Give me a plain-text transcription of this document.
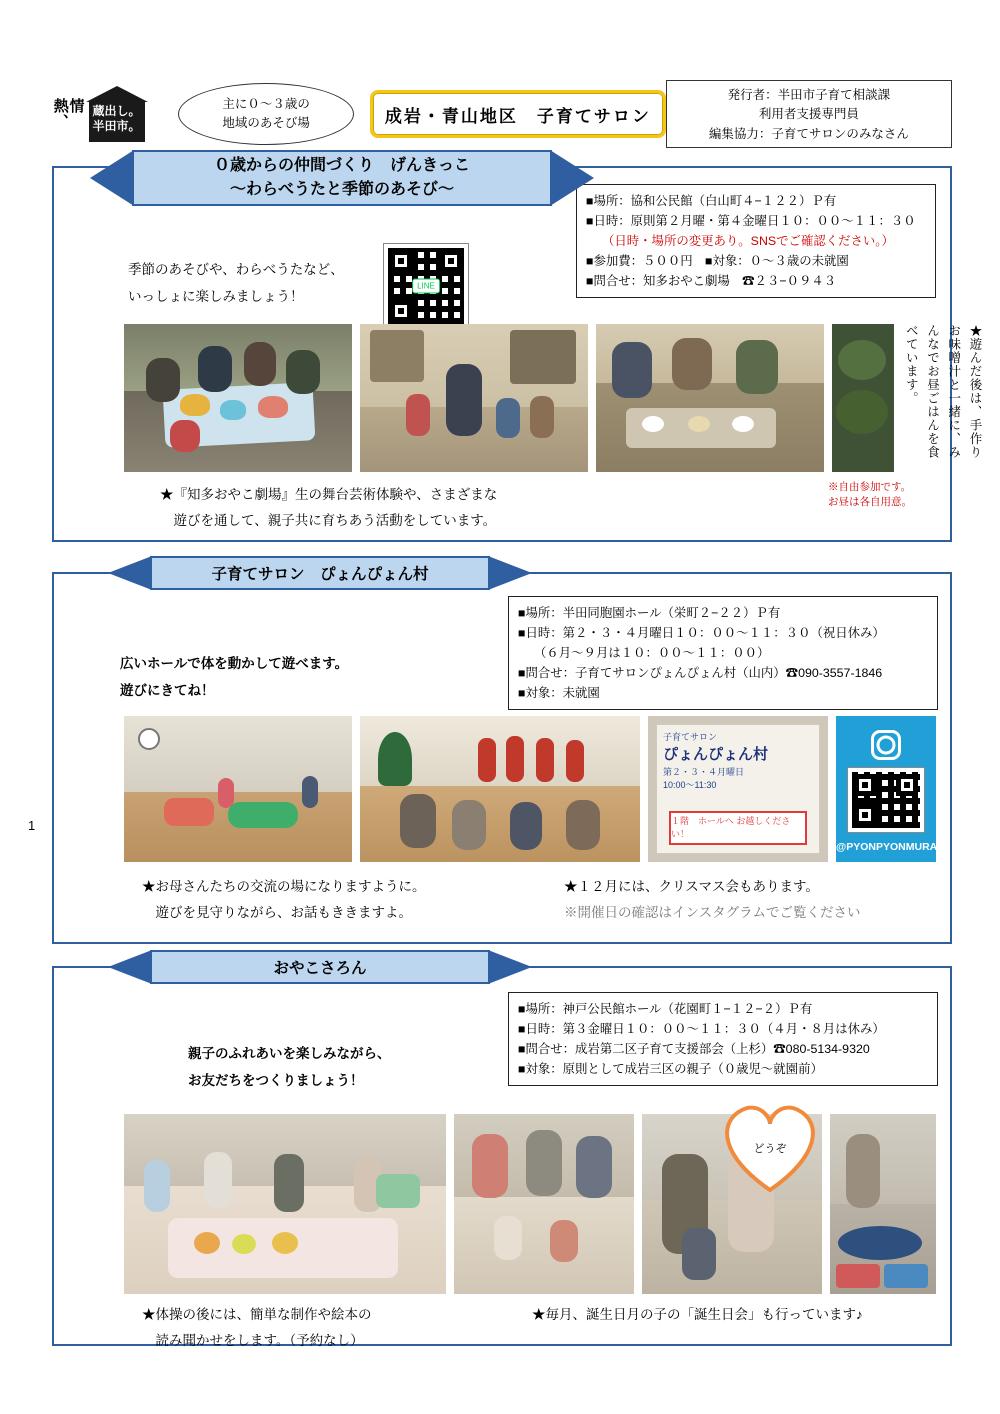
情
熱、	蔵出し。
半田市。
主に０〜３歳の
地域のあそび場	成岩・青山地区　子育てサロン
発行者：半田市子育て相談課
利用者支援専門員
編集協力：子育てサロンのみなさん
1
０歳からの仲間づくり　げんきっこ
〜わらべうたと季節のあそび〜
■場所：協和公民館（白山町４−１２２）Ｐ有
■日時：原則第２月曜・第４金曜日１０：００〜１１：３０
（日時・場所の変更あり。SNSでご確認ください。）
■参加費：５００円　■対象：０〜３歳の未就園
■問合せ：知多おやこ劇場　☎２３−０９４３
季節のあそびや、わらべうたなど、
いっしょに楽しみましょう！
LINE
★遊んだ後は、手作りお味噌汁と一緒に、みんなでお昼ごはんを食べています。
※自由参加です。
お昼は各自用意。
★『知多おやこ劇場』生の舞台芸術体験や、さまざまな
　遊びを通して、親子共に育ちあう活動をしています。
子育てサロン　ぴょんぴょん村
■場所：半田同胞園ホール（栄町２−２２）Ｐ有
■日時：第２・３・４月曜日１０：００〜１１：３０（祝日休み）
（６月〜９月は１０：００〜１１：００）
■問合せ：子育てサロンぴょんぴょん村（山内）☎090-3557-1846
■対象：未就園
広いホールで体を動かして遊べます。
遊びにきてね！
子育てサロン
ぴょんぴょん村
第２・３・４月曜日
10:00〜11:30
１階　ホールへ お越しください！
@PYONPYONMURA
★お母さんたちの交流の場になりますように。
　遊びを見守りながら、お話もききますよ。
★１２月には、クリスマス会もあります。
※開催日の確認はインスタグラムでご覧ください
おやこさろん
■場所：神戸公民館ホール（花園町１−１２−２）Ｐ有
■日時：第３金曜日１０：００〜１１：３０（４月・８月は休み）
■問合せ：成岩第二区子育て支援部会（上杉）☎080-5134-9320
■対象：原則として成岩三区の親子（０歳児〜就園前）
親子のふれあいを楽しみながら、
お友だちをつくりましょう！
どうぞ
★体操の後には、簡単な制作や絵本の
　読み聞かせをします。（予約なし）
★毎月、誕生日月の子の「誕生日会」も行っています♪
